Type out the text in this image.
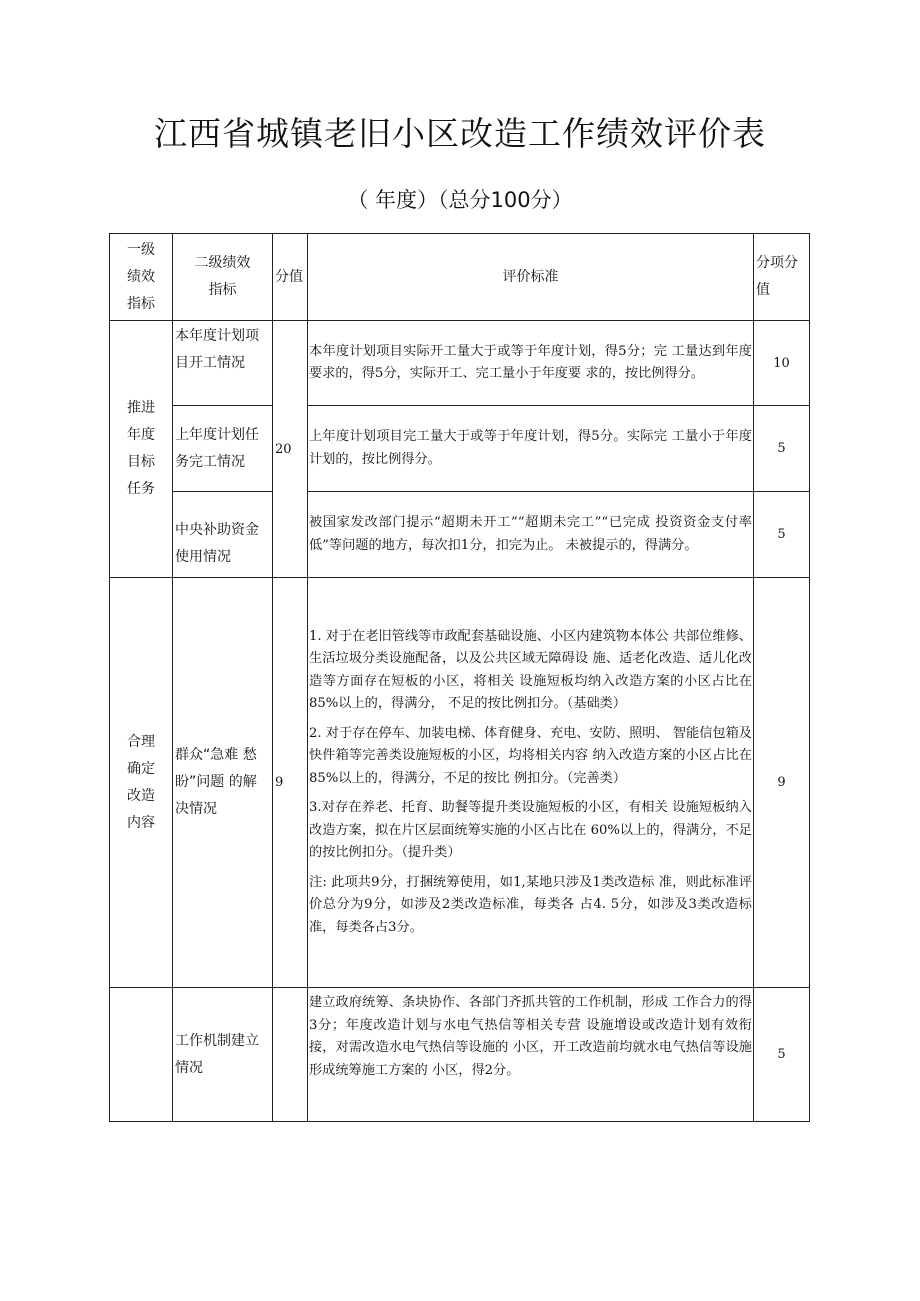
江西省城镇老旧小区改造工作绩效评价表

（ 年度）（总分100分）

一级绩效指标	二级绩效指标	分值	评价标准	分项分值
推进年度目标任务	本年度计划项目开工情况	20	本年度计划项目实际开工量大于或等于年度计划，得5分；完 工量达到年度要求的，得5分，实际开工、完工量小于年度要 求的，按比例得分。	10
	上年度计划任务完工情况		上年度计划项目完工量大于或等于年度计划，得5分。实际完 工量小于年度计划的，按比例得分。	5
	中央补助资金使用情况		被国家发改部门提示“超期未开工”“超期未完工”“已完成 投资资金支付率低”等问题的地方，每次扣1分，扣完为止。 未被提示的，得满分。	5
合理确定改造内容	群众“急难 愁盼”问题 的解决情况	9	1. 对于在老旧管线等市政配套基础设施、小区内建筑物本体公 共部位维修、生活垃圾分类设施配备，以及公共区域无障碍设 施、适老化改造、适儿化改造等方面存在短板的小区，将相关 设施短板均纳入改造方案的小区占比在85%以上的，得满分， 不足的按比例扣分。（基础类）

2. 对于存在停车、加装电梯、体育健身、充电、安防、照明、 智能信包箱及快件箱等完善类设施短板的小区，均将相关内容 纳入改造方案的小区占比在85%以上的，得满分，不足的按比 例扣分。（完善类）

3.对存在养老、托育、助餐等提升类设施短板的小区，有相关 设施短板纳入改造方案，拟在片区层面统筹实施的小区占比在 60%以上的，得满分，不足的按比例扣分。（提升类）

注: 此项共9分，打捆统筹使用，如1,某地只涉及1类改造标 准，则此标准评价总分为9分，如涉及2类改造标准，每类各 占4. 5分，如涉及3类改造标准，每类各占3分。	9
	工作机制建立情况		建立政府统筹、条块协作、各部门齐抓共管的工作机制，形成 工作合力的得3分；年度改造计划与水电气热信等相关专营 设施增设或改造计划有效衔接，对需改造水电气热信等设施的 小区，开工改造前均就水电气热信等设施形成统筹施工方案的 小区，得2分。	5
